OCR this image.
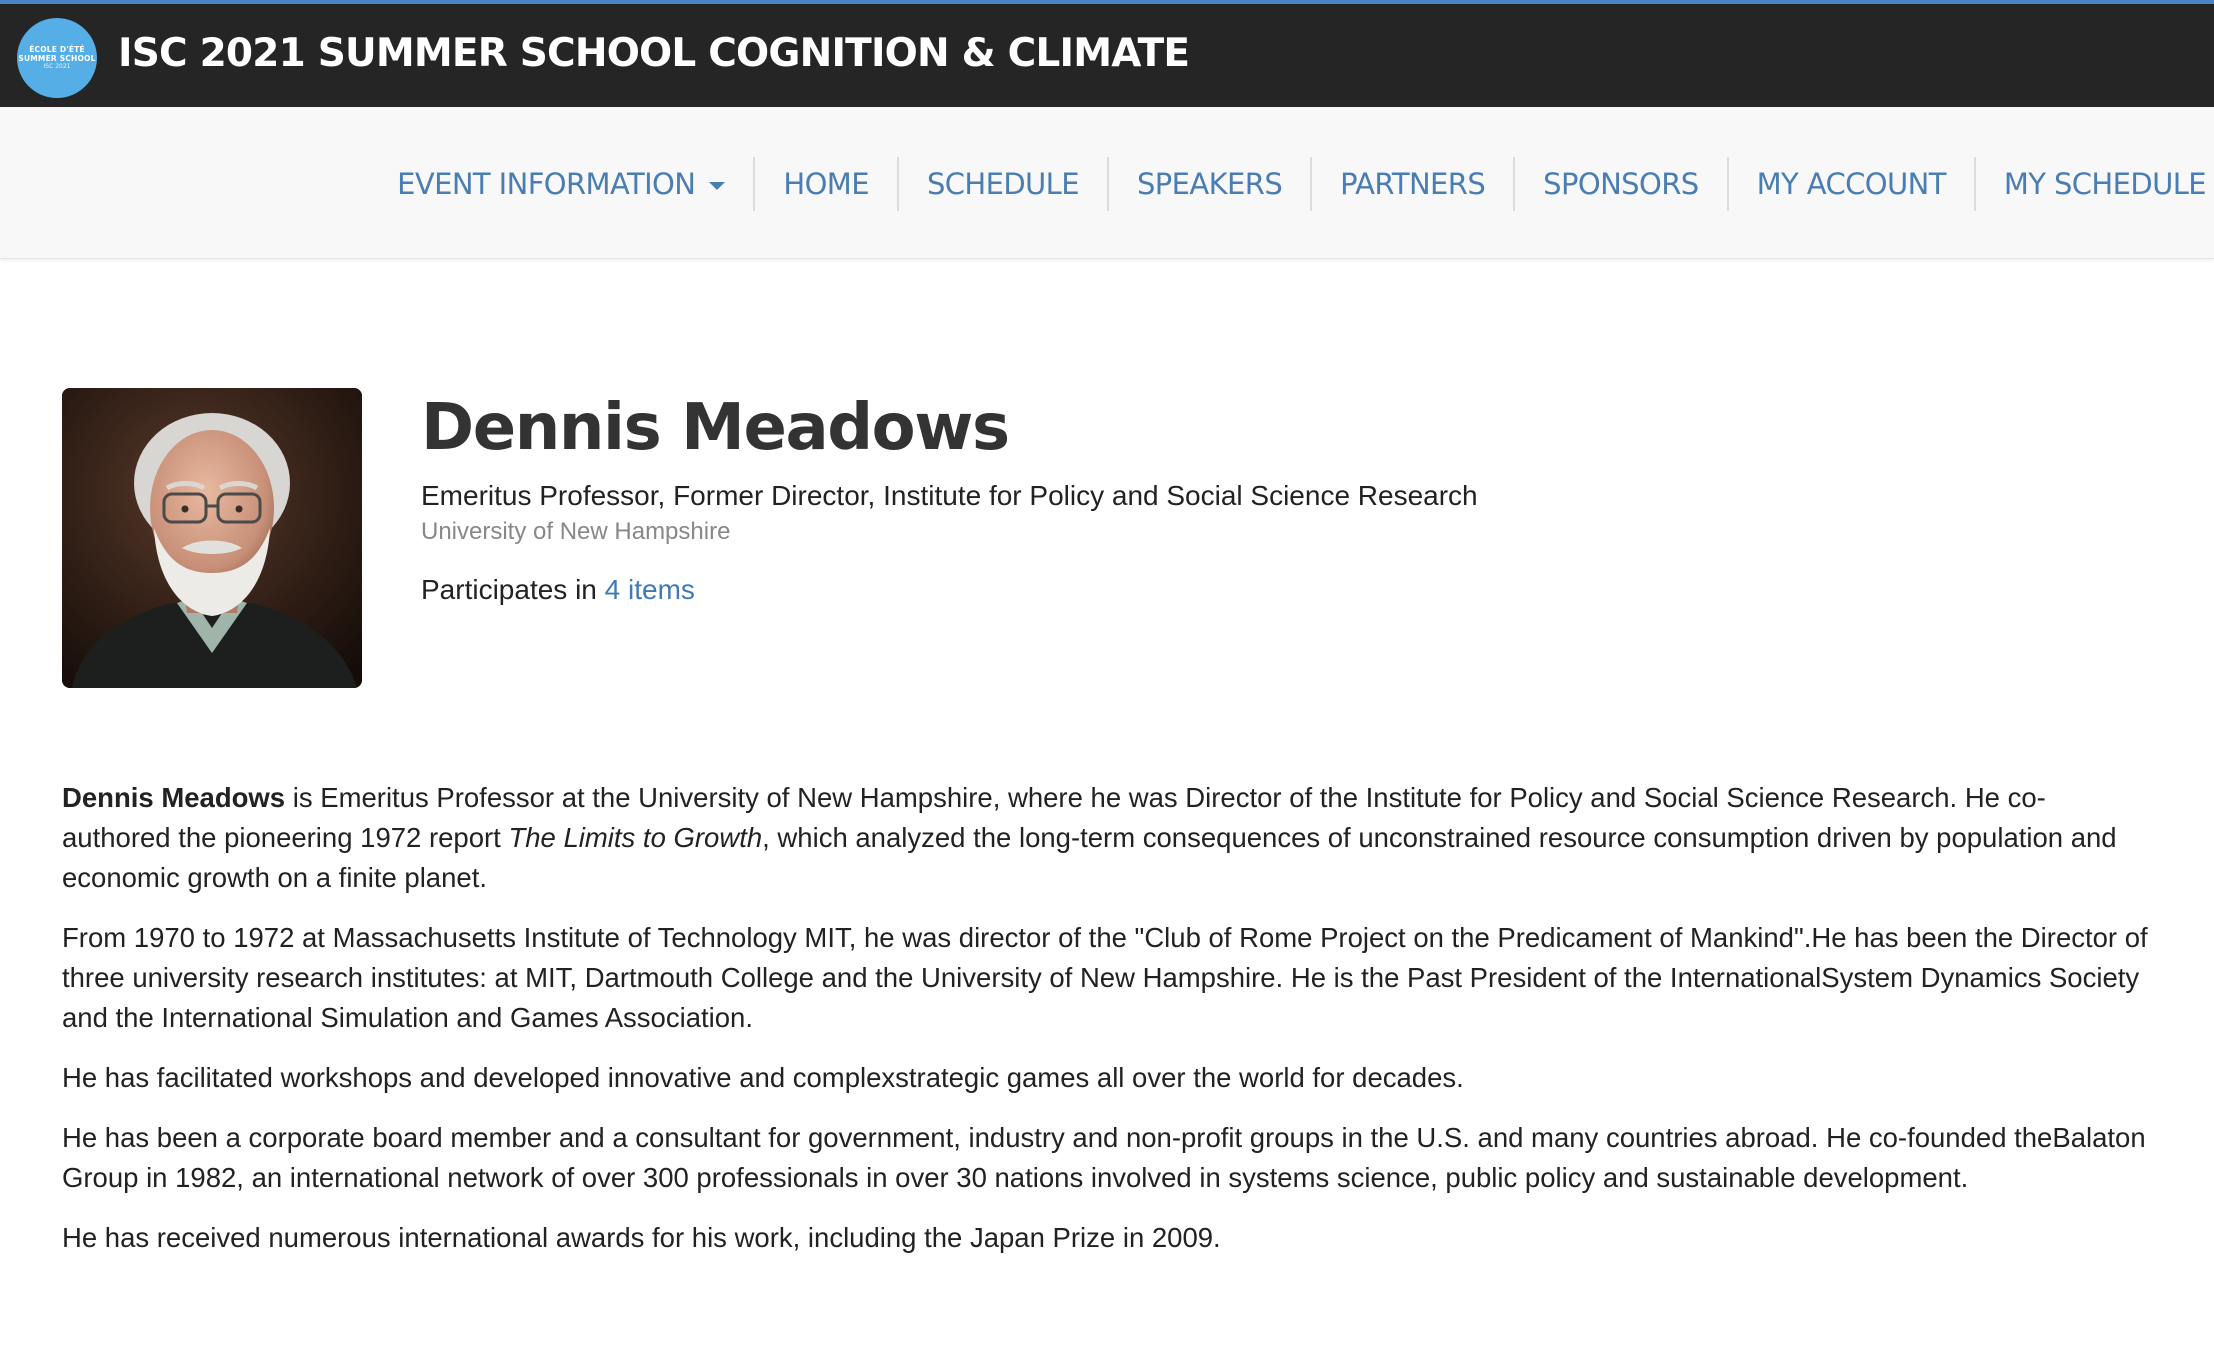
ÉCOLE D'ÉTÉ
SUMMER SCHOOL
ISC 2021 ISC 2021 SUMMER SCHOOL COGNITION & CLIMATE
EVENT INFORMATION	HOME SCHEDULE SPEAKERS PARTNERS SPONSORS MY ACCOUNT MY SCHEDULE
Dennis Meadows
Emeritus Professor, Former Director, Institute for Policy and Social Science Research
University of New Hampshire
Participates in 4 items

Dennis Meadows is Emeritus Professor at the University of New Hampshire, where he was Director of the Institute for Policy and Social Science Research. He co-authored the pioneering 1972 report The Limits to Growth, which analyzed the long-term consequences of unconstrained resource consumption driven by population and economic growth on a finite planet.

From 1970 to 1972 at Massachusetts Institute of Technology MIT, he was director of the "Club of Rome Project on the Predicament of Mankind".He has been the Director of three university research institutes: at MIT, Dartmouth College and the University of New Hampshire. He is the Past President of the InternationalSystem Dynamics Society and the International Simulation and Games Association.

He has facilitated workshops and developed innovative and complexstrategic games all over the world for decades.

He has been a corporate board member and a consultant for government, industry and non-profit groups in the U.S. and many countries abroad. He co-founded theBalaton Group in 1982, an international network of over 300 professionals in over 30 nations involved in systems science, public policy and sustainable development.

He has received numerous international awards for his work, including the Japan Prize in 2009.
